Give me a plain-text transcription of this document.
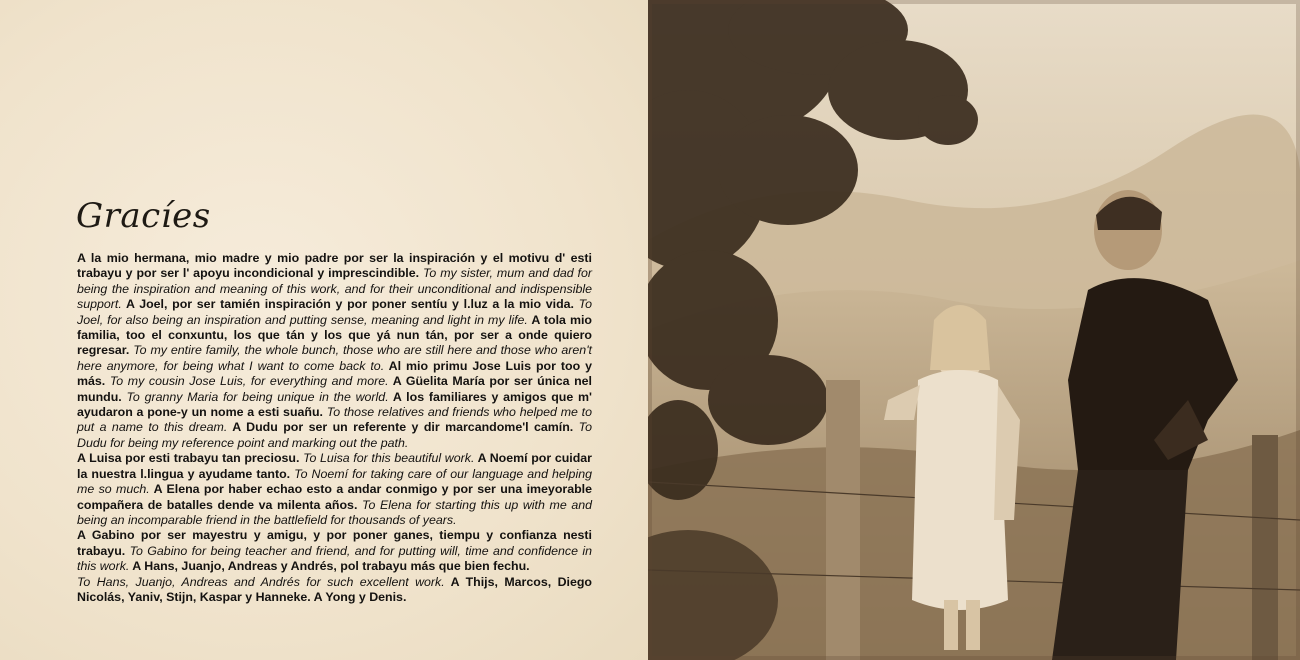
Gracíes

A la mio hermana, mio madre y mio padre por ser la inspiración y el motivu d' esti trabayu y por ser l' apoyu incondicional y imprescindible. To my sister, mum and dad for being the inspiration and meaning of this work, and for their unconditional and indispensible support. A Joel, por ser tamién inspiración y por poner sentíu y l.luz a la mio vida. To Joel, for also being an inspiration and putting sense, meaning and light in my life. A tola mio familia, too el conxuntu, los que tán y los que yá nun tán, por ser a onde quiero regresar. To my entire family, the whole bunch, those who are still here and those who aren't here anymore, for being what I want to come back to. Al mio primu Jose Luis por too y más. To my cousin Jose Luis, for everything and more. A Güelita María por ser única nel mundu. To granny Maria for being unique in the world. A los familiares y amigos que m' ayudaron a pone-y un nome a esti suañu. To those relatives and friends who helped me to put a name to this dream. A Dudu por ser un referente y dir marcandome'l camín. To Dudu for being my reference point and marking out the path.

A Luisa por esti trabayu tan preciosu. To Luisa for this beautiful work. A Noemí por cuidar la nuestra l.lingua y ayudame tanto. To Noemí for taking care of our language and helping me so much. A Elena por haber echao esto a andar conmigo y por ser una imeyorable compañera de batalles dende va milenta años. To Elena for starting this up with me and being an incomparable friend in the battlefield for thousands of years.

A Gabino por ser mayestru y amigu, y por poner ganes, tiempu y confianza nesti trabayu. To Gabino for being teacher and friend, and for putting will, time and confidence in this work. A Hans, Juanjo, Andreas y Andrés, pol trabayu más que bien fechu.

To Hans, Juanjo, Andreas and Andrés for such excellent work. A Thijs, Marcos, Diego Nicolás, Yaniv, Stijn, Kaspar y Hanneke. A Yong y Denis.
